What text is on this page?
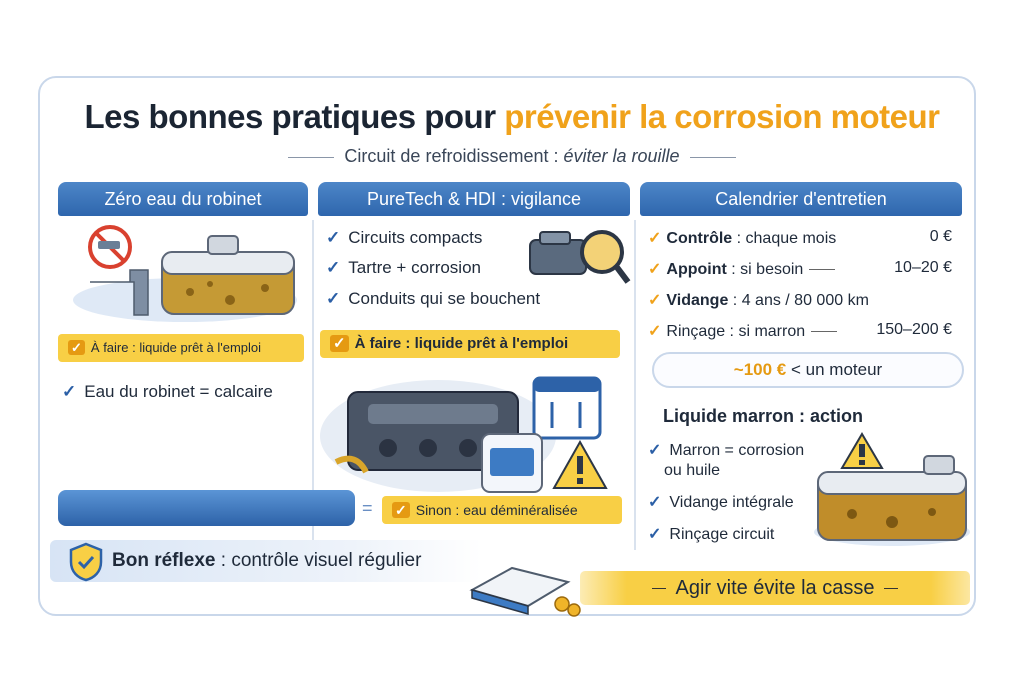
Les bonnes pratiques pour prévenir la corrosion moteur
Circuit de refroidissement : éviter la rouille
Zéro eau du robinet	PureTech & HDI : vigilance	Calendrier d'entretien
✓ À faire : liquide prêt à l'emploi
✓ Eau du robinet = calcaire
=
✓ Circuits compacts
✓ Tartre + corrosion
✓ Conduits qui se bouchent
✓ À faire : liquide prêt à l'emploi
✓ Sinon : eau déminéralisée
✓ Contrôle : chaque mois	0 €
✓ Appoint : si besoin	10–20 €
✓ Vidange : 4 ans / 80 000 km
✓ Rinçage : si marron	150–200 €
~100 € < un moteur
Liquide marron : action
✓ Marron = corrosion
ou huile
✓ Vidange intégrale
✓ Rinçage circuit
Bon réflexe : contrôle visuel régulier
Agir vite évite la casse
